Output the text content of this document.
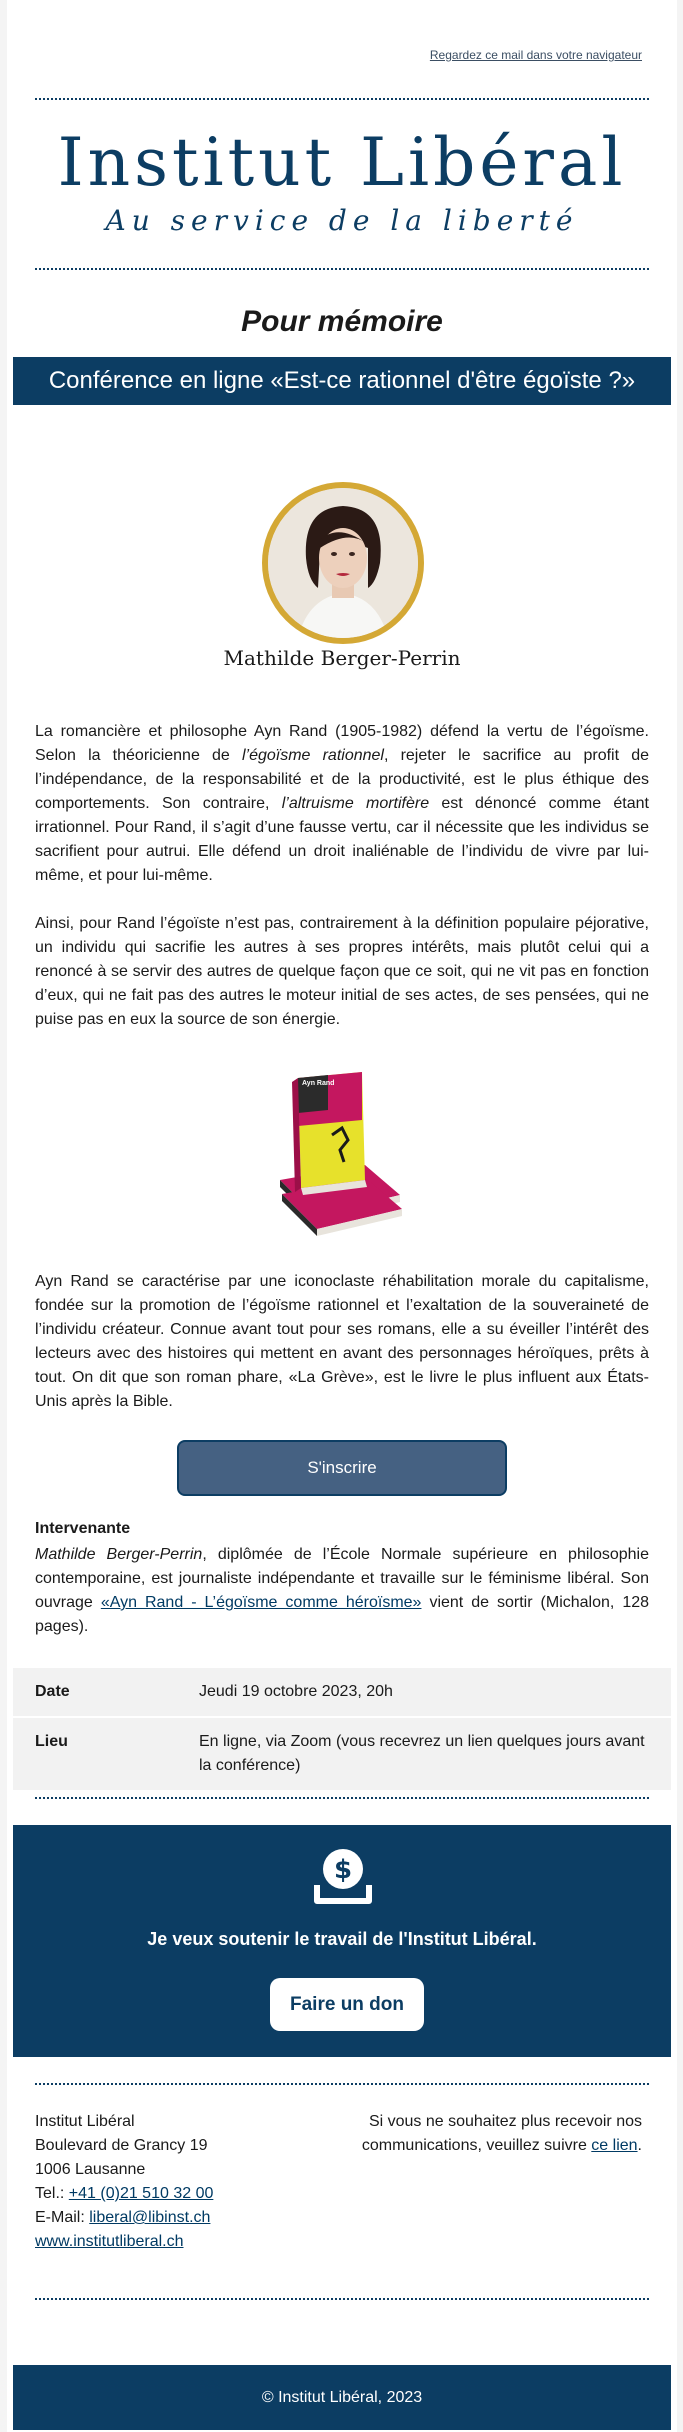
Regardez ce mail dans votre navigateur
Institut Libéral
Au service de la liberté
Pour mémoire
Conférence en ligne «Est-ce rationnel d'être égoïste ?»
Mathilde Berger-Perrin

La romancière et philosophe Ayn Rand (1905-1982) défend la vertu de l’égoïsme. Selon la théoricienne de l’égoïsme rationnel, rejeter le sacrifice au profit de l’indépendance, de la responsabilité et de la productivité, est le plus éthique des comportements. Son contraire, l’altruisme mortifère est dénoncé comme étant irrationnel. Pour Rand, il s’agit d’une fausse vertu, car il nécessite que les individus se sacrifient pour autrui. Elle défend un droit inaliénable de l’individu de vivre par lui-même, et pour lui-même.

Ainsi, pour Rand l’égoïste n’est pas, contrairement à la définition populaire péjorative, un individu qui sacrifie les autres à ses propres intérêts, mais plutôt celui qui a renoncé à se servir des autres de quelque façon que ce soit, qui ne vit pas en fonction d’eux, qui ne fait pas des autres le moteur initial de ses actes, de ses pensées, qui ne puise pas en eux la source de son énergie.

Ayn Rand

Ayn Rand se caractérise par une iconoclaste réhabilitation morale du capitalisme, fondée sur la promotion de l’égoïsme rationnel et l’exaltation de la souveraineté de l’individu créateur. Connue avant tout pour ses romans, elle a su éveiller l’intérêt des lecteurs avec des histoires qui mettent en avant des personnages héroïques, prêts à tout. On dit que son roman phare, «La Grève», est le livre le plus influent aux États-Unis après la Bible.

S'inscrire
Intervenante

Mathilde Berger-Perrin, diplômée de l’École Normale supérieure en philosophie contemporaine, est journaliste indépendante et travaille sur le féminisme libéral. Son ouvrage «Ayn Rand - L’égoïsme comme héroïsme» vient de sortir (Michalon, 128 pages).

Date	Jeudi 19 octobre 2023, 20h
Lieu	En ligne, via Zoom (vous recevrez un lien quelques jours avant la conférence)
$
Je veux soutenir le travail de l'Institut Libéral.
Faire un don
Institut Libéral
Boulevard de Grancy 19
1006 Lausanne
Tel.: +41 (0)21 510 32 00
E-Mail: liberal@libinst.ch
www.institutliberal.ch
Si vous ne souhaitez plus recevoir nos communications, veuillez suivre ce lien.
© Institut Libéral, 2023
